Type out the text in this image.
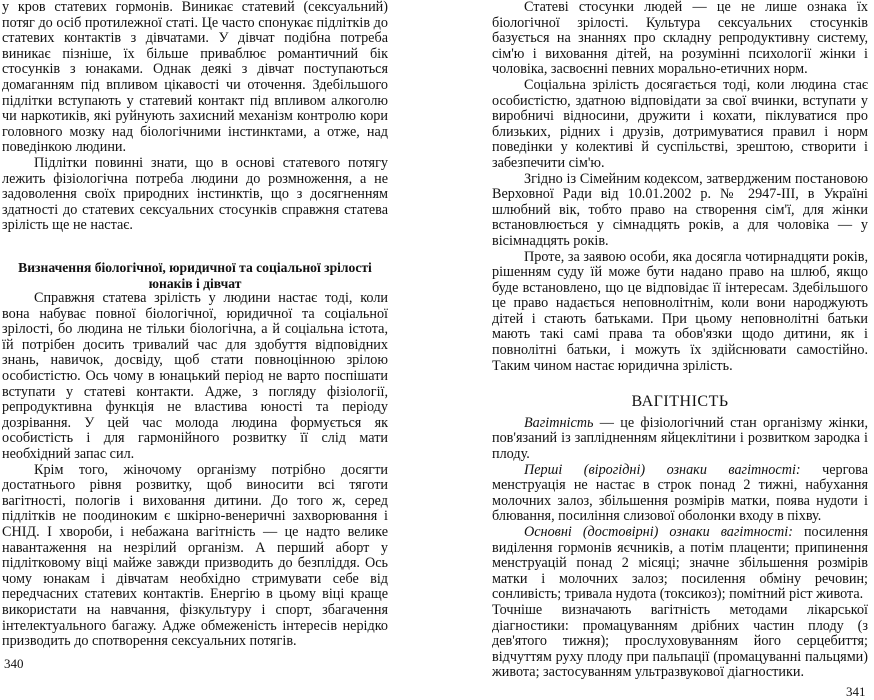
у кров статевих гормонів. Виникає статевий (сексуальний) потяг до осіб протилежної статі. Це часто спонукає підлітків до статевих контактів з дівчатами. У дівчат подібна потреба виникає пізніше, їх більше приваблює романтичний бік стосунків з юнаками. Однак деякі з дівчат поступаються домаганням під впливом цікавості чи оточення. Здебільшого підлітки вступають у статевий контакт під впливом алкоголю чи наркотиків, які руйнують захисний механізм контролю кори головного мозку над біологічними інстинктами, а отже, над поведінкою людини.

Підлітки повинні знати, що в основі статевого потягу лежить фізіологічна потреба людини до розмноження, а не задоволення своїх природних інстинктів, що з досягненням здатності до статевих сексуальних стосунків справжня статева зрілість ще не настає.

Визначення біологічної, юридичної та соціальної зрілості юнаків і дівчат

Справжня статева зрілість у людини настає тоді, коли вона набуває повної біологічної, юридичної та соціальної зрілості, бо людина не тільки біологічна, а й соціальна істота, їй потрібен досить тривалий час для здобуття відповідних знань, навичок, досвіду, щоб стати повноцінною зрілою особистістю. Ось чому в юнацький період не варто поспішати вступати у статеві контакти. Адже, з погляду фізіології, репродуктивна функція не властива юності та періоду дозрівання. У цей час молода людина формується як особистість і для гармонійного розвитку її слід мати необхідний запас сил.

Крім того, жіночому організму потрібно досягти достатнього рівня розвитку, щоб виносити всі тяготи вагітності, пологів і виховання дитини. До того ж, серед підлітків не поодиноким є шкірно-венеричні захворювання і СНІД. І хвороби, і небажана вагітність — це надто велике навантаження на незрілий організм. А перший аборт у підлітковому віці майже завжди призводить до безпліддя. Ось чому юнакам і дівчатам необхідно стримувати себе від передчасних статевих контактів. Енергію в цьому віці краще використати на навчання, фізкультуру і спорт, збагачення інтелектуального багажу. Адже обмеженість інтересів нерідко призводить до спотворення сексуальних потягів.

340

Статеві стосунки людей — це не лише ознака їх біологічної зрілості. Культура сексуальних стосунків базується на знаннях про складну репродуктивну систему, сім'ю і виховання дітей, на розумінні психології жінки і чоловіка, засвоєнні певних морально-етичних норм.

Соціальна зрілість досягається тоді, коли людина стає особистістю, здатною відповідати за свої вчинки, вступати у виробничі відносини, дружити і кохати, піклуватися про близьких, рідних і друзів, дотримуватися правил і норм поведінки у колективі й суспільстві, зрештою, створити і забезпечити сім'ю.

Згідно із Сімейним кодексом, затвердженим постановою Верховної Ради від 10.01.2002 р. № 2947-ІІІ, в Україні шлюбний вік, тобто право на створення сім'ї, для жінки встановлюється у сімнадцять років, а для чоловіка — у вісімнадцять років.

Проте, за заявою особи, яка досягла чотирнадцяти років, рішенням суду їй може бути надано право на шлюб, якщо буде встановлено, що це відповідає її інтересам. Здебільшого це право надається неповнолітнім, коли вони народжують дітей і стають батьками. При цьому неповнолітні батьки мають такі самі права та обов'язки щодо дитини, як і повнолітні батьки, і можуть їх здійснювати самостійно. Таким чином настає юридична зрілість.

ВАГІТНІСТЬ

Вагітність — це фізіологічний стан організму жінки, пов'язаний із заплідненням яйцеклітини і розвитком зародка і плоду.

Перші (вірогідні) ознаки вагітності: чергова менструація не настає в строк понад 2 тижні, набухання молочних залоз, збільшення розмірів матки, поява нудоти і блювання, посиління слизової оболонки входу в піхву.

Основні (достовірні) ознаки вагітності: посилення виділення гормонів яєчників, а потім плаценти; припинення менструацій понад 2 місяці; значне збільшення розмірів матки і молочних залоз; посилення обміну речовин; сонливість; тривала нудота (токсикоз); помітний ріст живота.

Точніше визначають вагітність методами лікарської діагностики: промацуванням дрібних частин плоду (з дев'ятого тижня); прослуховуванням його серцебиття; відчуттям руху плоду при пальпації (промацуванні пальцями) живота; застосуванням ультразвукової діагностики.

341
